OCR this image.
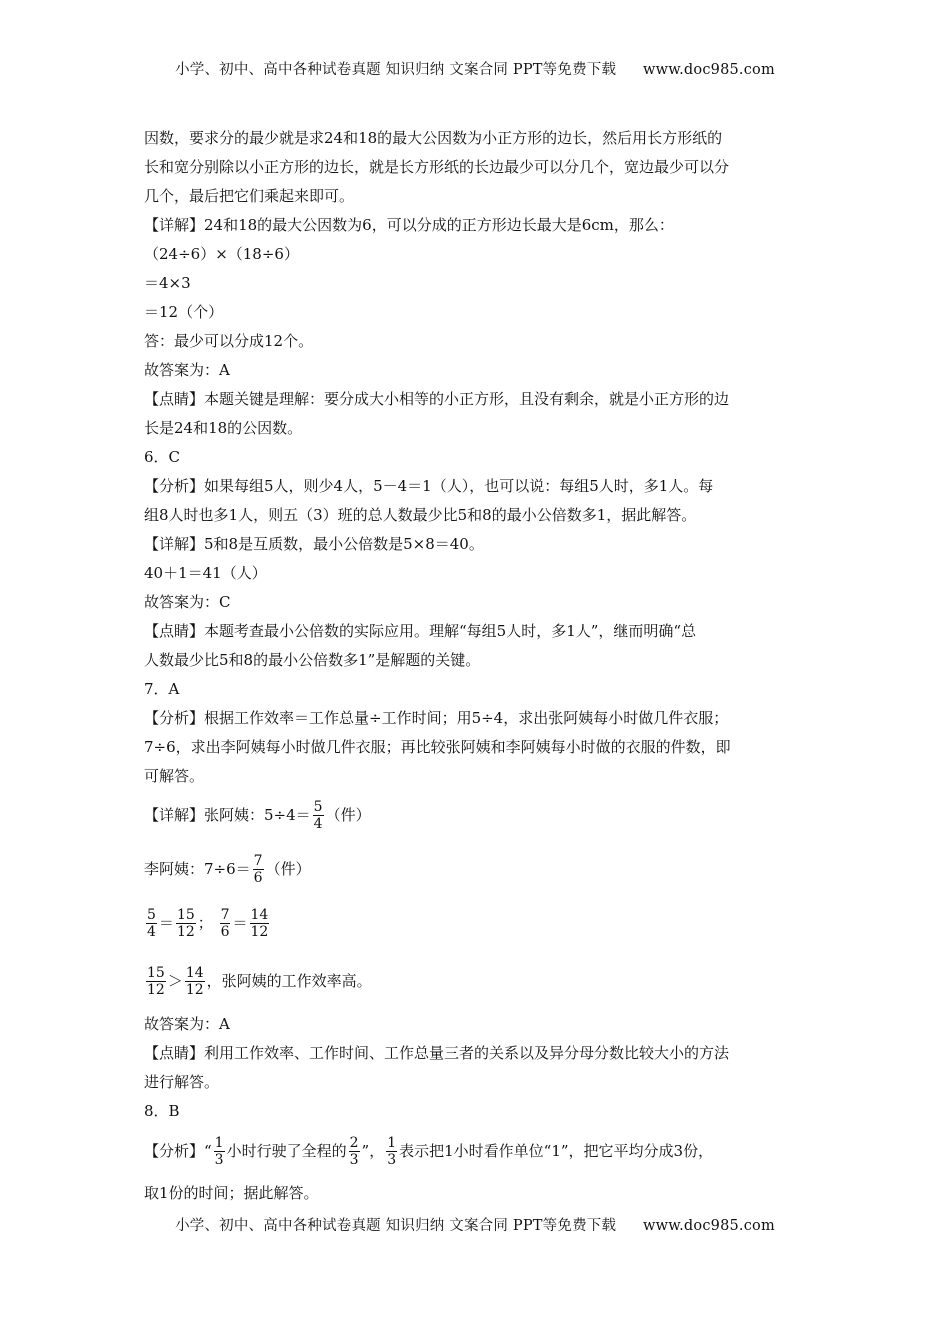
小学、初中、高中各种试卷真题 知识归纳 文案合同 PPT等免费下载 www.doc985.com
因数，要求分的最少就是求24和18的最大公因数为小正方形的边长，然后用长方形纸的
长和宽分别除以小正方形的边长，就是长方形纸的长边最少可以分几个，宽边最少可以分
几个，最后把它们乘起来即可。
【详解】24和18的最大公因数为6，可以分成的正方形边长最大是6cm，那么：
（24÷6）×（18÷6）
＝4×3
＝12（个）
答：最少可以分成12个。
故答案为：A
【点睛】本题关键是理解：要分成大小相等的小正方形，且没有剩余，就是小正方形的边
长是24和18的公因数。
6．C
【分析】如果每组5人，则少4人，5－4＝1（人），也可以说：每组5人时，多1人。每
组8人时也多1人，则五（3）班的总人数最少比5和8的最小公倍数多1，据此解答。
【详解】5和8是互质数，最小公倍数是5×8＝40。
40＋1＝41（人）
故答案为：C
【点睛】本题考查最小公倍数的实际应用。理解“每组5人时，多1人”，继而明确“总
人数最少比5和8的最小公倍数多1”是解题的关键。
7．A
【分析】根据工作效率＝工作总量÷工作时间；用5÷4，求出张阿姨每小时做几件衣服；
7÷6，求出李阿姨每小时做几件衣服；再比较张阿姨和李阿姨每小时做的衣服的件数，即
可解答。
【详解】张阿姨：$5\div 4= \frac{5}{4}$ （件）
李阿姨：$7\div 6= \frac{7}{6}$ （件）
$\frac{5}{4} = \frac{15}{12}$ ； $\frac{7}{6} = \frac{14}{12}$
$\frac{15}{12} > \frac{14}{12}$ ，张阿姨的工作效率高。
故答案为：A
【点睛】利用工作效率、工作时间、工作总量三者的关系以及异分母分数比较大小的方法
进行解答。
8．B
【分析】“ $\frac{1}{3}$ 小时行驶了全程的 $\frac{2}{3}$ ”， $\frac{1}{3}$ 表示把1小时看作单位“1”，把它平均分成3份，
取1份的时间；据此解答。
小学、初中、高中各种试卷真题 知识归纳 文案合同 PPT等免费下载 www.doc985.com
